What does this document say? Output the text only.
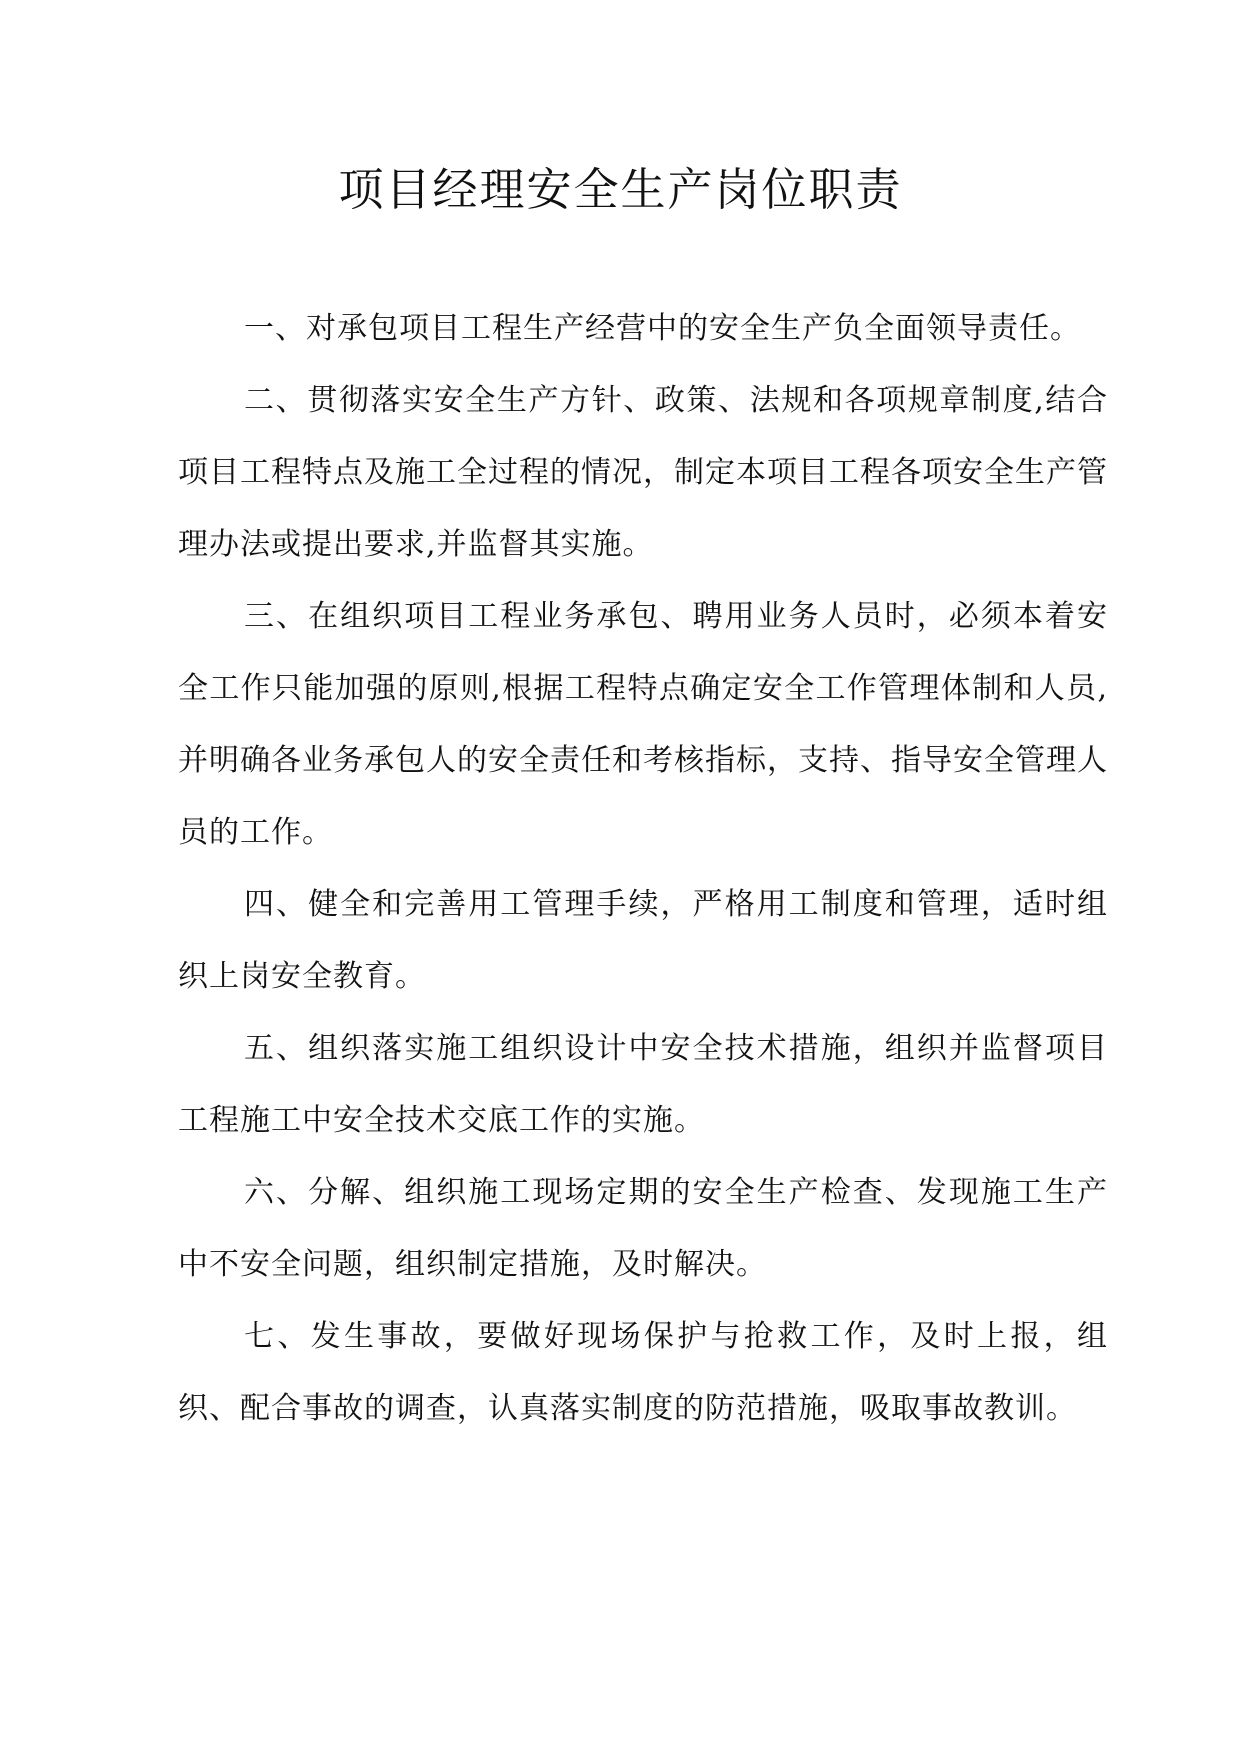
项目经理安全生产岗位职责

一、对承包项目工程生产经营中的安全生产负全面领导责任。

二、贯彻落实安全生产方针、政策、法规和各项规章制度,结合项目工程特点及施工全过程的情况，制定本项目工程各项安全生产管理办法或提出要求,并监督其实施。

三、在组织项目工程业务承包、聘用业务人员时，必须本着安全工作只能加强的原则,根据工程特点确定安全工作管理体制和人员,并明确各业务承包人的安全责任和考核指标，支持、指导安全管理人员的工作。

四、健全和完善用工管理手续，严格用工制度和管理，适时组织上岗安全教育。

五、组织落实施工组织设计中安全技术措施，组织并监督项目工程施工中安全技术交底工作的实施。

六、分解、组织施工现场定期的安全生产检查、发现施工生产中不安全问题，组织制定措施，及时解决。

七、发生事故，要做好现场保护与抢救工作，及时上报，组织、配合事故的调查，认真落实制度的防范措施，吸取事故教训。
